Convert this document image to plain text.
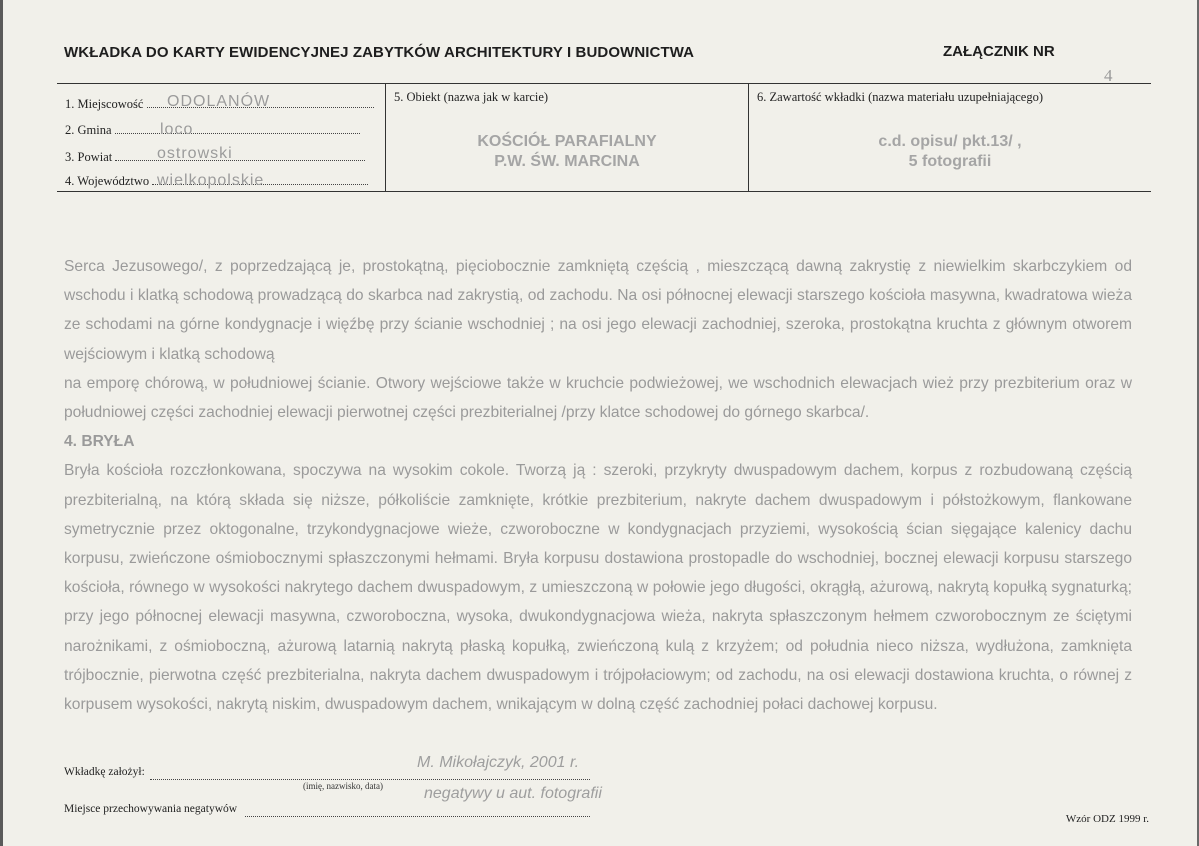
WKŁADKA DO KARTY EWIDENCYJNEJ ZABYTKÓW ARCHITEKTURY I BUDOWNICTWA	ZAŁĄCZNIK NR
4
1. Miejscowość	ODOLANÓW
2. Gmina	loco
3. Powiat	ostrowski
4. Województwo wielkopolskie
5. Obiekt (nazwa jak w karcie)
KOŚCIÓŁ PARAFIALNY
P.W. ŚW. MARCINA
6. Zawartość wkładki (nazwa materiału uzupełniającego)
c.d. opisu/ pkt.13/ ,
5 fotografii

Serca Jezusowego/, z poprzedzającą je, prostokątną, pięciobocznie zamkniętą częścią , mieszczącą dawną zakrystię z niewielkim skarbczykiem od wschodu i klatką schodową prowadzącą do skarbca nad zakrystią, od zachodu. Na osi północnej elewacji starszego kościoła masywna, kwadratowa wieża ze schodami na górne kondygnacje i więźbę przy ścianie wschodniej ; na osi jego elewacji zachodniej, szeroka, prostokątna kruchta z głównym otworem wejściowym i klatką schodową

na emporę chórową, w południowej ścianie. Otwory wejściowe także w kruchcie podwieżowej, we wschodnich elewacjach wież przy prezbiterium oraz w południowej części zachodniej elewacji pierwotnej części prezbiterialnej /przy klatce schodowej do górnego skarbca/.

4. BRYŁA

Bryła kościoła rozczłonkowana, spoczywa na wysokim cokole. Tworzą ją : szeroki, przykryty dwuspadowym dachem, korpus z rozbudowaną częścią prezbiterialną, na którą składa się niższe, półkoliście zamknięte, krótkie prezbiterium, nakryte dachem dwuspadowym i półstożkowym, flankowane symetrycznie przez oktogonalne, trzykondygnacjowe wieże, czworoboczne w kondygnacjach przyziemi, wysokością ścian sięgające kalenicy dachu korpusu, zwieńczone ośmiobocznymi spłaszczonymi hełmami. Bryła korpusu dostawiona prostopadle do wschodniej, bocznej elewacji korpusu starszego kościoła, równego w wysokości nakrytego dachem dwuspadowym, z umieszczoną w połowie jego długości, okrągłą, ażurową, nakrytą kopułką sygnaturką; przy jego północnej elewacji masywna, czworoboczna, wysoka, dwukondygnacjowa wieża, nakryta spłaszczonym hełmem czworobocznym ze ściętymi narożnikami, z ośmioboczną, ażurową latarnią nakrytą płaską kopułką, zwieńczoną kulą z krzyżem; od południa nieco niższa, wydłużona, zamknięta trójbocznie, pierwotna część prezbiterialna, nakryta dachem dwuspadowym i trójpołaciowym; od zachodu, na osi elewacji dostawiona kruchta, o równej z korpusem wysokości, nakrytą niskim, dwuspadowym dachem, wnikającym w dolną część zachodniej połaci dachowej korpusu.

Wkładkę założył:
M. Mikołajczyk, 2001 r.
(imię, nazwisko, data)
Miejsce przechowywania negatywów
negatywy u aut. fotografii
Wzór ODZ 1999 r.
